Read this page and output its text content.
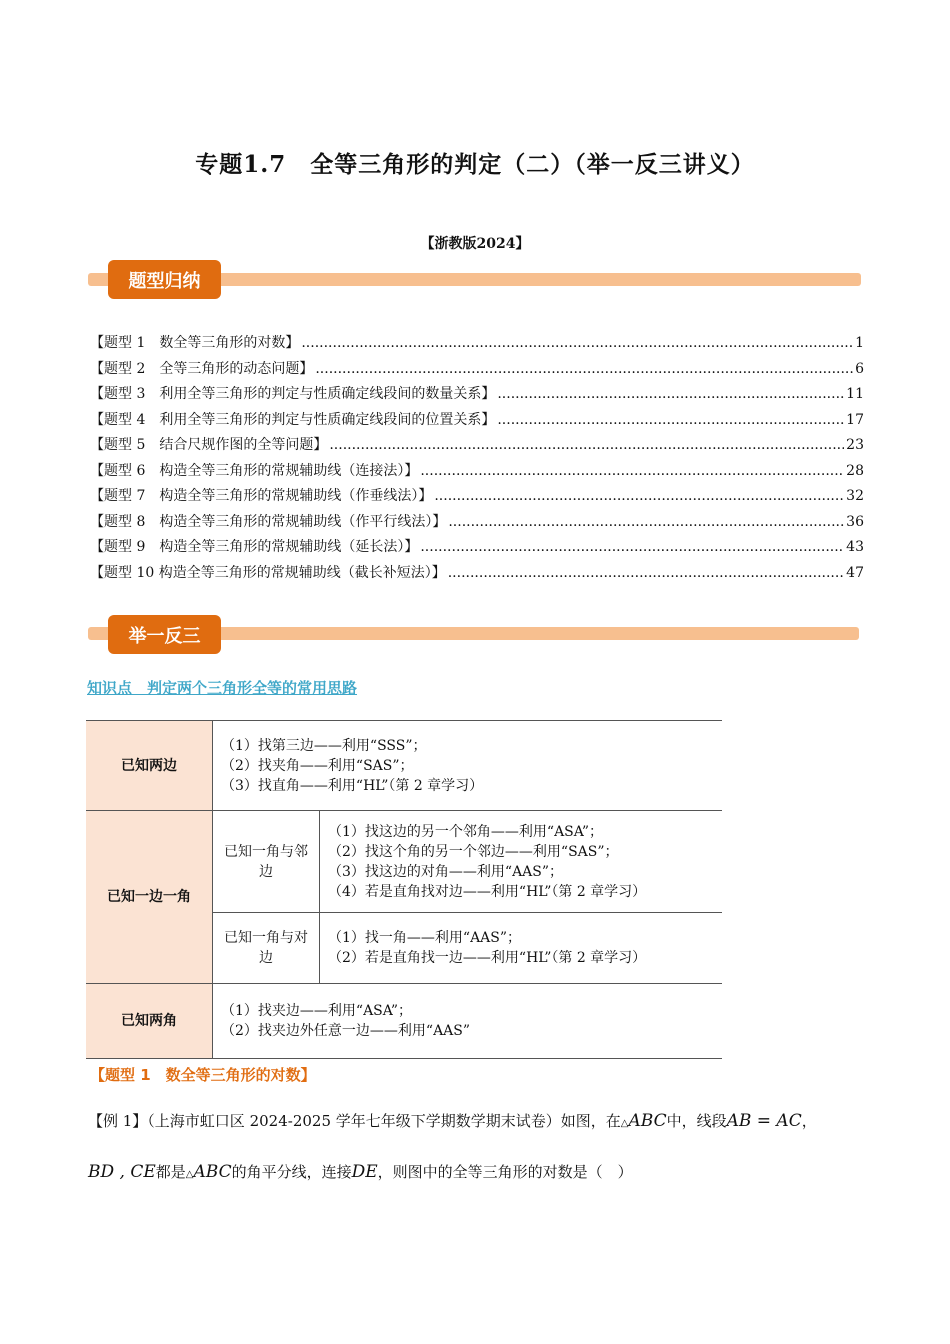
专题1.7　全等三角形的判定（二）（举一反三讲义）
【浙教版2024】
题型归纳
【题型 1　数全等三角形的对数】 .....	1
【题型 2　全等三角形的动态问题】 .....	6
【题型 3　利用全等三角形的判定与性质确定线段间的数量关系】 .....	11
【题型 4　利用全等三角形的判定与性质确定线段间的位置关系】 .....	17
【题型 5　结合尺规作图的全等问题】 .....	23
【题型 6　构造全等三角形的常规辅助线（连接法）】 .....	28
【题型 7　构造全等三角形的常规辅助线（作垂线法）】 .....	32
【题型 8　构造全等三角形的常规辅助线（作平行线法）】 .....	36
【题型 9　构造全等三角形的常规辅助线（延长法）】 .....	43
【题型 10 构造全等三角形的常规辅助线（截长补短法）】 .....	47
举一反三
知识点　判定两个三角形全等的常用思路
已知两边	（1）找第三边——利用“SSS”；
（2）找夹角——利用“SAS”；
（3）找直角——利用“HL”（第 2 章学习）	

已知一边一角	已知一角与邻边	（1）找这边的另一个邻角——利用“ASA”；
（2）找这个角的另一个邻边——利用“SAS”；
（3）找这边的对角——利用“AAS”；
（4）若是直角找对边——利用“HL”（第 2 章学习）

	已知一角与对边	（1）找一角——利用“AAS”；
（2）若是直角找一边——利用“HL”（第 2 章学习）

已知两角	（1）找夹边——利用“ASA”；
（2）找夹边外任意一边——利用“AAS”	
【题型 1　数全等三角形的对数】
【例 1】（上海市虹口区 2024-2025 学年七年级下学期数学期末试卷）如图，在△ABC中，线段AB = AC，
BD , CE都是△ABC的角平分线，连接DE，则图中的全等三角形的对数是（　）
